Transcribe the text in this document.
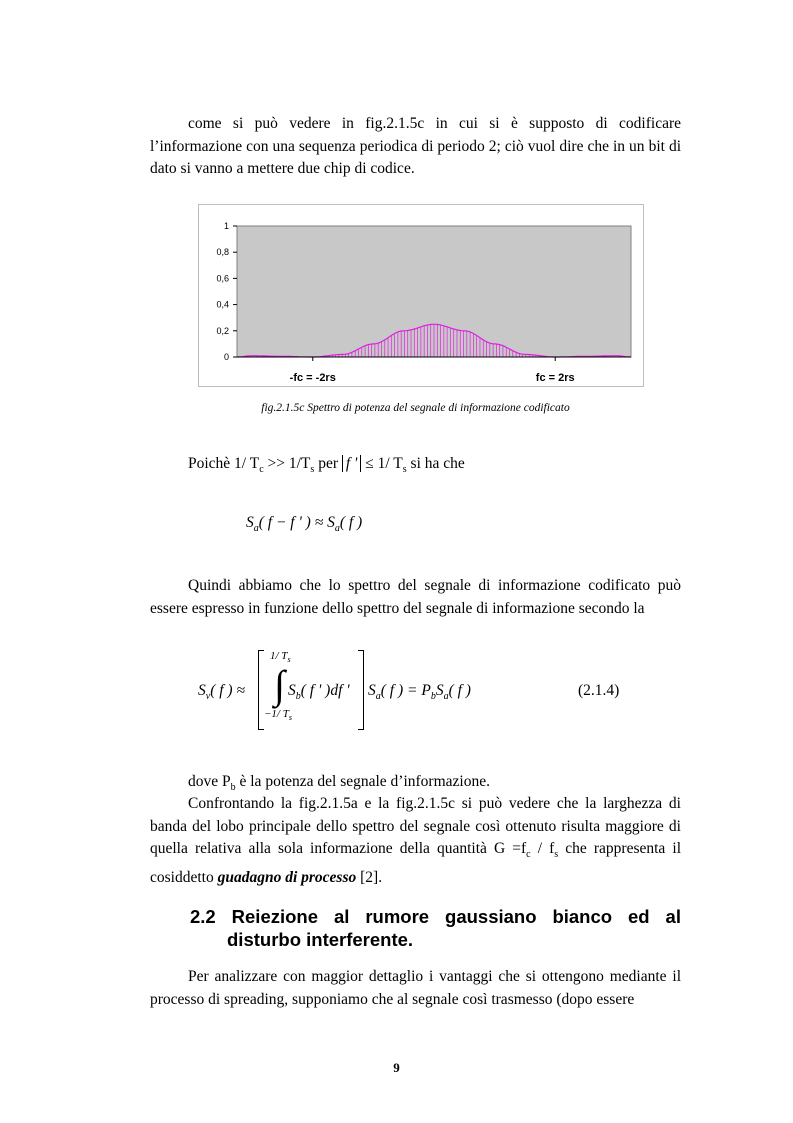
come si può vedere in fig.2.1.5c in cui si è supposto di codificare l’informazione con una sequenza periodica di periodo 2; ciò vuol dire che in un bit di dato si vanno a mettere due chip di codice.
1
0,8
0,6
0,4
0,2
0
-fc = -2rs	fc = 2rs
fig.2.1.5c Spettro di potenza del segnale di informazione codificato
Poichè 1/ $T_c >> 1/T_s$ per f ' ≤ 1/ $T_s$ si ha che
$S_a$( f − f ' ) ≈ $S_a$( f )
Quindi abbiamo che lo spettro del segnale di informazione codificato può essere espresso in funzione dello spettro del segnale di informazione secondo la
$S_v$( f ) ≈
1/ $T_s$
∫
−1/ $T_s$
$S_b$( f ' )df ' $S_a$( f ) = $P_bS_a$( f )	(2.1.4)
dove $P_b$ è la potenza del segnale d’informazione.
Confrontando la fig.2.1.5a e la fig.2.1.5c si può vedere che la larghezza di banda del lobo principale dello spettro del segnale così ottenuto risulta maggiore di quella relativa alla sola informazione della quantità $G =f_c / f_s$ che rappresenta il cosiddetto guadagno di processo [2].
2.2 Reiezione al rumore gaussiano bianco ed al
disturbo interferente.
Per analizzare con maggior dettaglio i vantaggi che si ottengono mediante il processo di spreading, supponiamo che al segnale così trasmesso (dopo essere
9
